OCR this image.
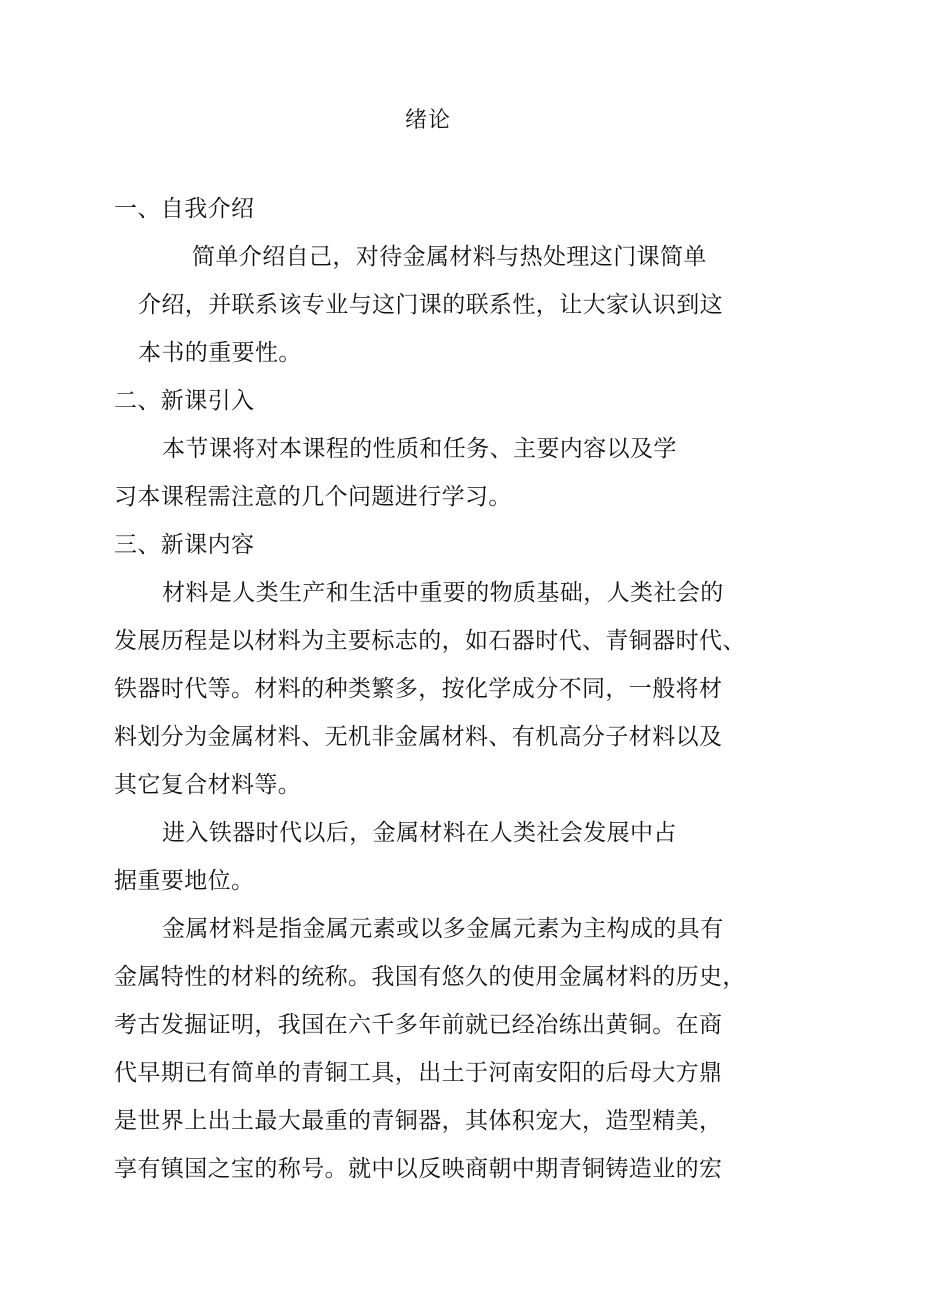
绪论
一、自我介绍
简单介绍自己，对待金属材料与热处理这门课简单
介绍，并联系该专业与这门课的联系性，让大家认识到这
本书的重要性。
二、新课引入
本节课将对本课程的性质和任务、主要内容以及学
习本课程需注意的几个问题进行学习。
三、新课内容
材料是人类生产和生活中重要的物质基础，人类社会的
发展历程是以材料为主要标志的，如石器时代、青铜器时代、
铁器时代等。材料的种类繁多，按化学成分不同，一般将材
料划分为金属材料、无机非金属材料、有机高分子材料以及
其它复合材料等。
进入铁器时代以后，金属材料在人类社会发展中占
据重要地位。
金属材料是指金属元素或以多金属元素为主构成的具有
金属特性的材料的统称。我国有悠久的使用金属材料的历史，
考古发掘证明，我国在六千多年前就已经冶练出黄铜。在商
代早期已有简单的青铜工具，出土于河南安阳的后母大方鼎
是世界上出土最大最重的青铜器，其体积宠大，造型精美，
享有镇国之宝的称号。就中以反映商朝中期青铜铸造业的宏
